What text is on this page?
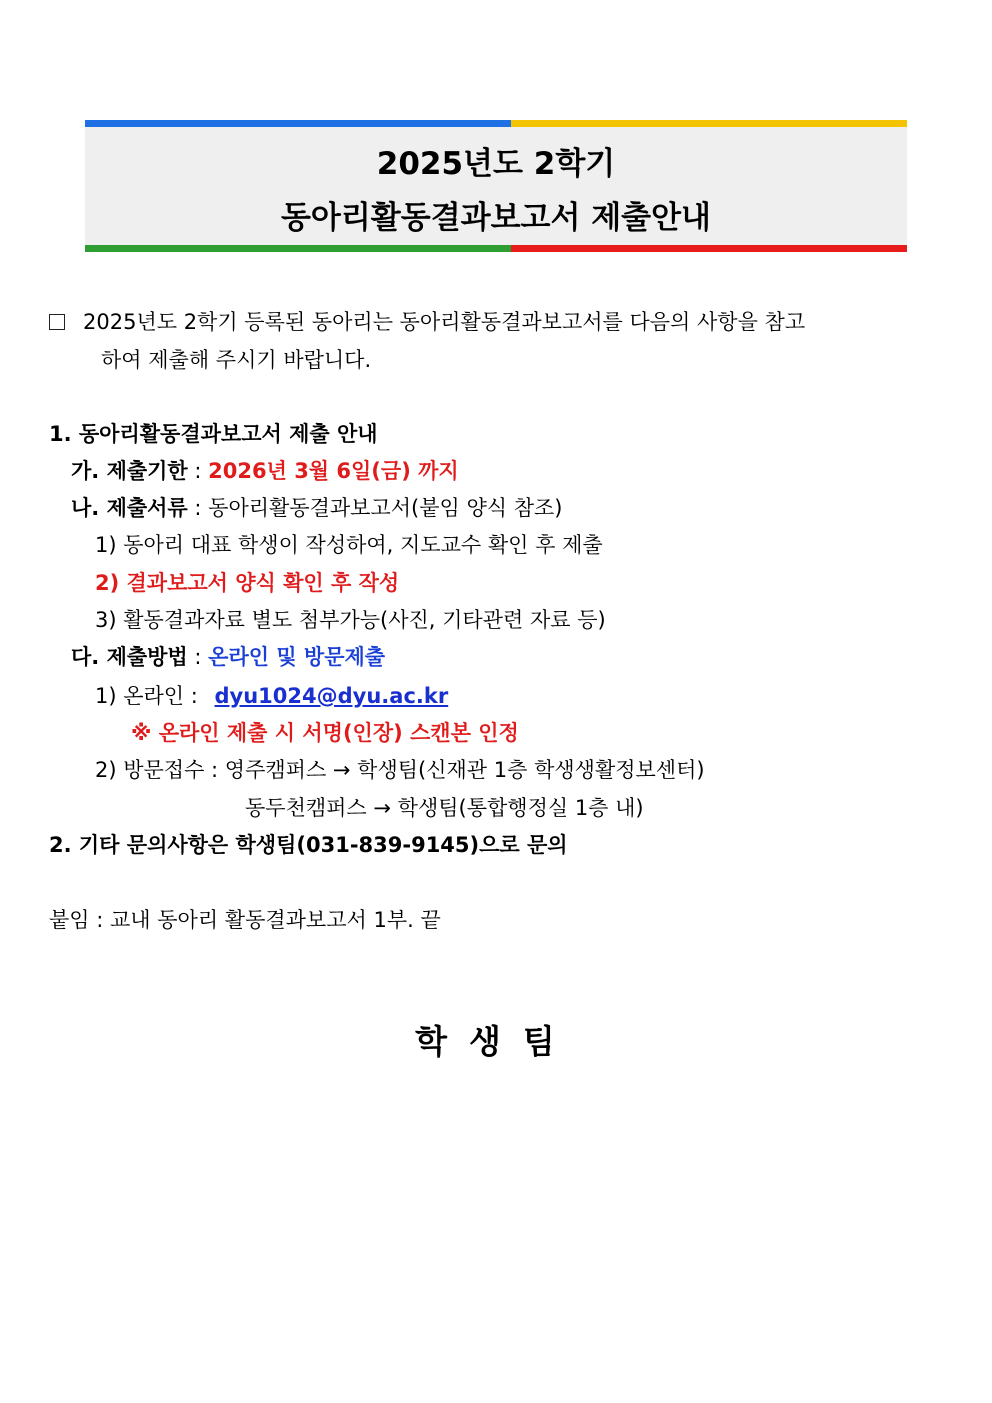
2025년도 2학기
동아리활동결과보고서 제출안내
2025년도 2학기 등록된 동아리는 동아리활동결과보고서를 다음의 사항을 참고
하여 제출해 주시기 바랍니다.
1. 동아리활동결과보고서 제출 안내
가. 제출기한 : 2026년 3월 6일(금) 까지
나. 제출서류 : 동아리활동결과보고서(붙임 양식 참조)
1) 동아리 대표 학생이 작성하여, 지도교수 확인 후 제출
2) 결과보고서 양식 확인 후 작성
3) 활동결과자료 별도 첨부가능(사진, 기타관련 자료 등)
다. 제출방법 : 온라인 및 방문제출
1) 온라인 : dyu1024@dyu.ac.kr
※ 온라인 제출 시 서명(인장) 스캔본 인정
2) 방문접수 : 영주캠퍼스 → 학생팀(신재관 1층 학생생활정보센터)
동두천캠퍼스 → 학생팀(통합행정실 1층 내)
2. 기타 문의사항은 학생팀(031-839-9145)으로 문의
붙임 : 교내 동아리 활동결과보고서 1부. 끝
학생팀
